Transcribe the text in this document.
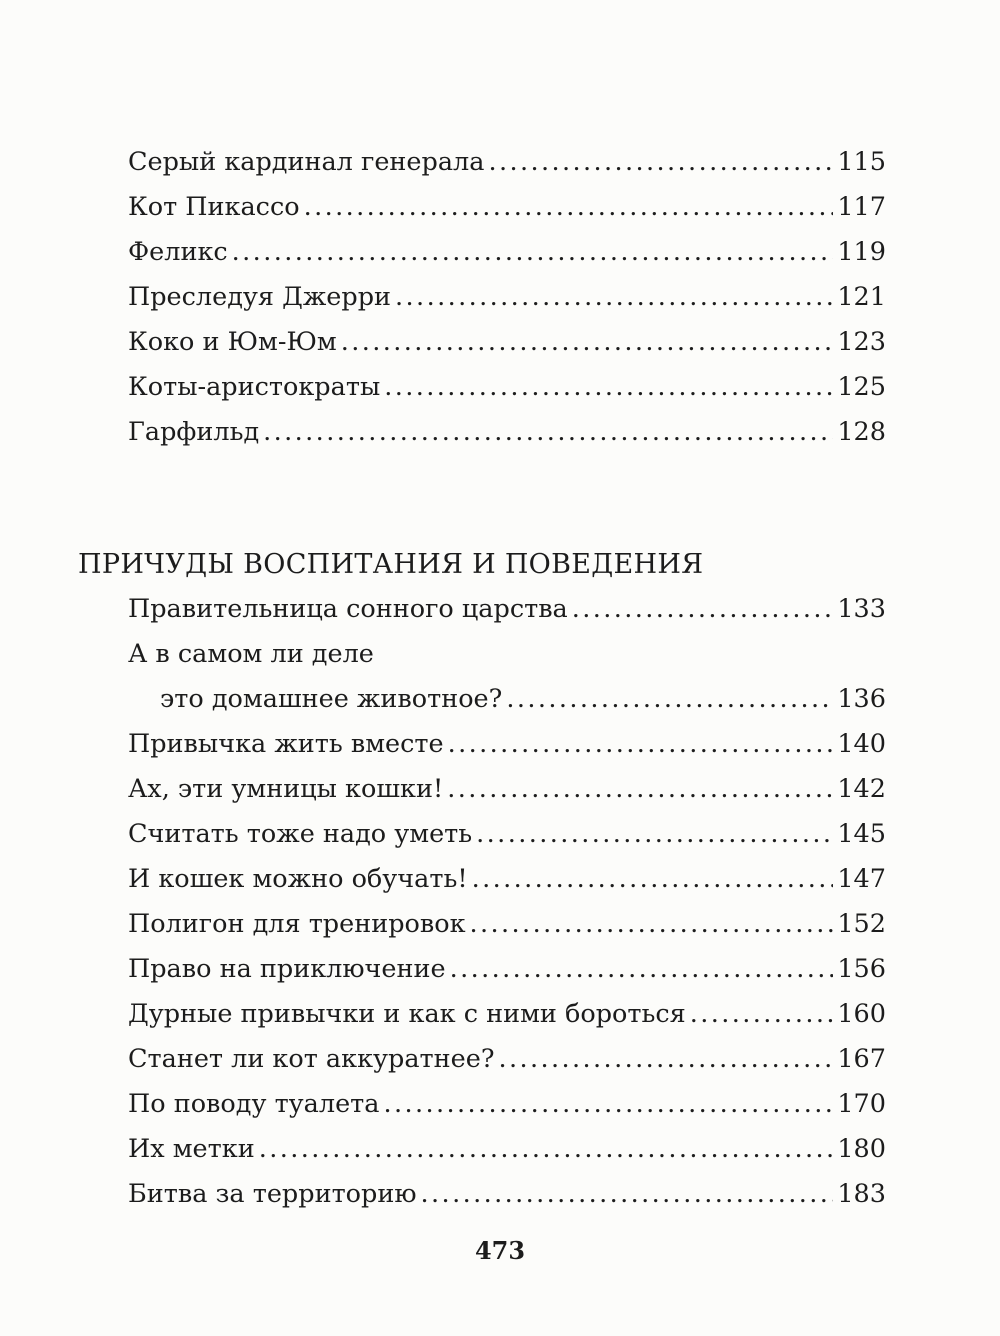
Серый кардинал генерала .....	115
Кот Пикассо .....	117
Феликс .....	119
Преследуя Джерри .....	121
Коко и Юм-Юм .....	123
Коты-аристократы .....	125
Гарфильд .....	128
ПРИЧУДЫ ВОСПИТАНИЯ И ПОВЕДЕНИЯ
Правительница сонного царства .....	133
А в самом ли деле
это домашнее животное? .....	136
Привычка жить вместе .....	140
Ах, эти умницы кошки! .....	142
Считать тоже надо уметь .....	145
И кошек можно обучать! .....	147
Полигон для тренировок .....	152
Право на приключение .....	156
Дурные привычки и как с ними бороться .....	160
Станет ли кот аккуратнее? .....	167
По поводу туалета .....	170
Их метки .....	180
Битва за территорию .....	183
473
